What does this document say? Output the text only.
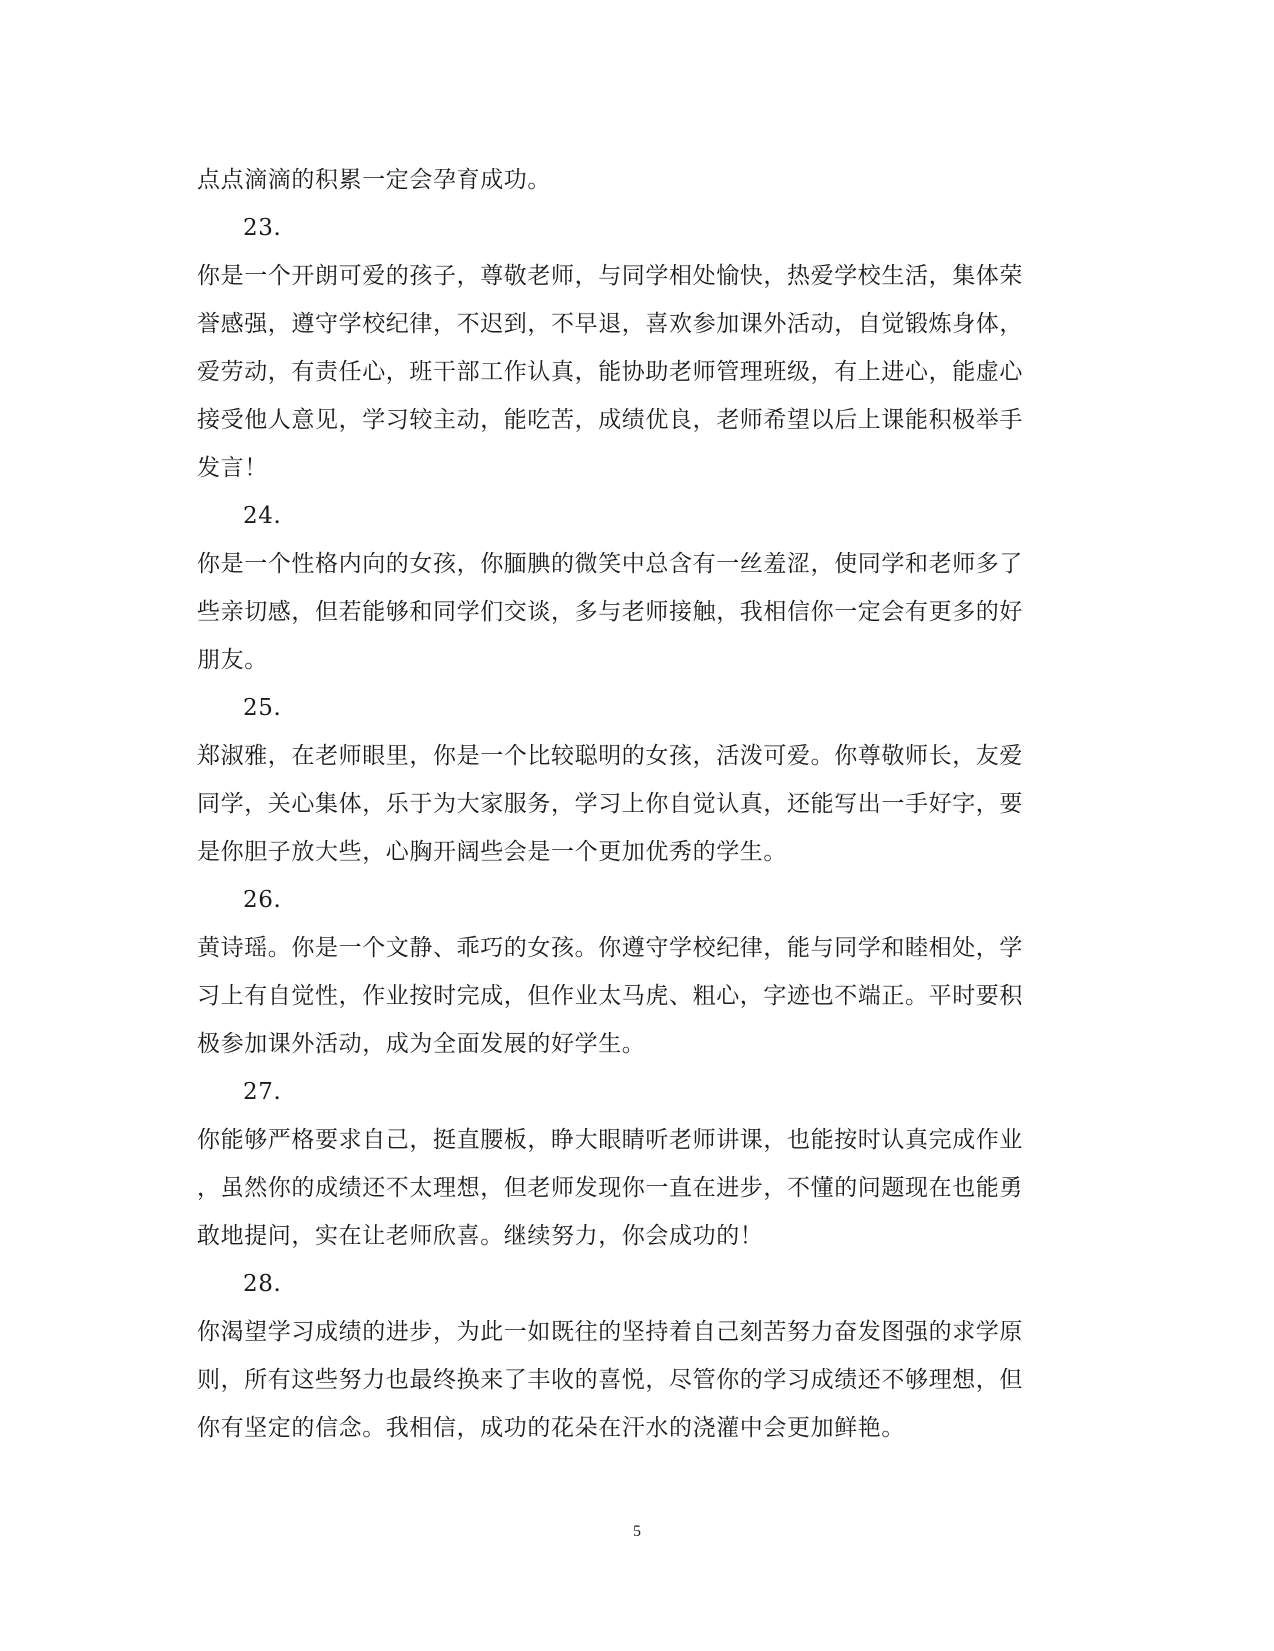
点点滴滴的积累一定会孕育成功。
23.
你是一个开朗可爱的孩子，尊敬老师，与同学相处愉快，热爱学校生活，集体荣
誉感强，遵守学校纪律，不迟到，不早退，喜欢参加课外活动，自觉锻炼身体，
爱劳动，有责任心，班干部工作认真，能协助老师管理班级，有上进心，能虚心
接受他人意见，学习较主动，能吃苦，成绩优良，老师希望以后上课能积极举手
发言！
24.
你是一个性格内向的女孩，你腼腆的微笑中总含有一丝羞涩，使同学和老师多了
些亲切感，但若能够和同学们交谈，多与老师接触，我相信你一定会有更多的好
朋友。
25.
郑淑雅，在老师眼里，你是一个比较聪明的女孩，活泼可爱。你尊敬师长，友爱
同学，关心集体，乐于为大家服务，学习上你自觉认真，还能写出一手好字，要
是你胆子放大些，心胸开阔些会是一个更加优秀的学生。
26.
黄诗瑶。你是一个文静、乖巧的女孩。你遵守学校纪律，能与同学和睦相处，学
习上有自觉性，作业按时完成，但作业太马虎、粗心，字迹也不端正。平时要积
极参加课外活动，成为全面发展的好学生。
27.
你能够严格要求自己，挺直腰板，睁大眼睛听老师讲课，也能按时认真完成作业
，虽然你的成绩还不太理想，但老师发现你一直在进步，不懂的问题现在也能勇
敢地提问，实在让老师欣喜。继续努力，你会成功的！
28.
你渴望学习成绩的进步，为此一如既往的坚持着自己刻苦努力奋发图强的求学原
则，所有这些努力也最终换来了丰收的喜悦，尽管你的学习成绩还不够理想，但
你有坚定的信念。我相信，成功的花朵在汗水的浇灌中会更加鲜艳。
5
